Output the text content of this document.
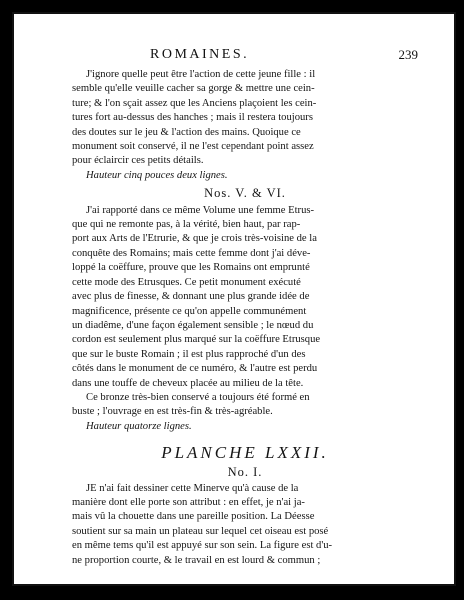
ROMAINES.	239
J'ignore quelle peut être l'action de cette jeune fille : il
semble qu'elle veuille cacher sa gorge & mettre une cein-
ture; & l'on sçait assez que les Anciens plaçoient les cein-
tures fort au-dessus des hanches ; mais il restera toujours
des doutes sur le jeu & l'action des mains. Quoique ce
monument soit conservé, il ne l'est cependant point assez
pour éclaircir ces petits détails.
Hauteur cinq pouces deux lignes.
Nos. V. & VI.
J'ai rapporté dans ce même Volume une femme Etrus-
que qui ne remonte pas, à la vérité, bien haut, par rap-
port aux Arts de l'Etrurie, & que je crois très-voisine de la
conquête des Romains; mais cette femme dont j'ai déve-
loppé la coëffure, prouve que les Romains ont emprunté
cette mode des Etrusques. Ce petit monument exécuté
avec plus de finesse, & donnant une plus grande idée de
magnificence, présente ce qu'on appelle communément
un diadême, d'une façon également sensible ; le nœud du
cordon est seulement plus marqué sur la coëffure Etrusque
que sur le buste Romain ; il est plus rapproché d'un des
côtés dans le monument de ce numéro, & l'autre est perdu
dans une touffe de cheveux placée au milieu de la tête.
Ce bronze très-bien conservé a toujours été formé en
buste ; l'ouvrage en est très-fin & très-agréable.
Hauteur quatorze lignes.
PLANCHE LXXII.
No. I.
JE n'ai fait dessiner cette Minerve qu'à cause de la
manière dont elle porte son attribut : en effet, je n'ai ja-
mais vû la chouette dans une pareille position. La Déesse
soutient sur sa main un plateau sur lequel cet oiseau est posé
en même tems qu'il est appuyé sur son sein. La figure est d'u-
ne proportion courte, & le travail en est lourd & commun ;
